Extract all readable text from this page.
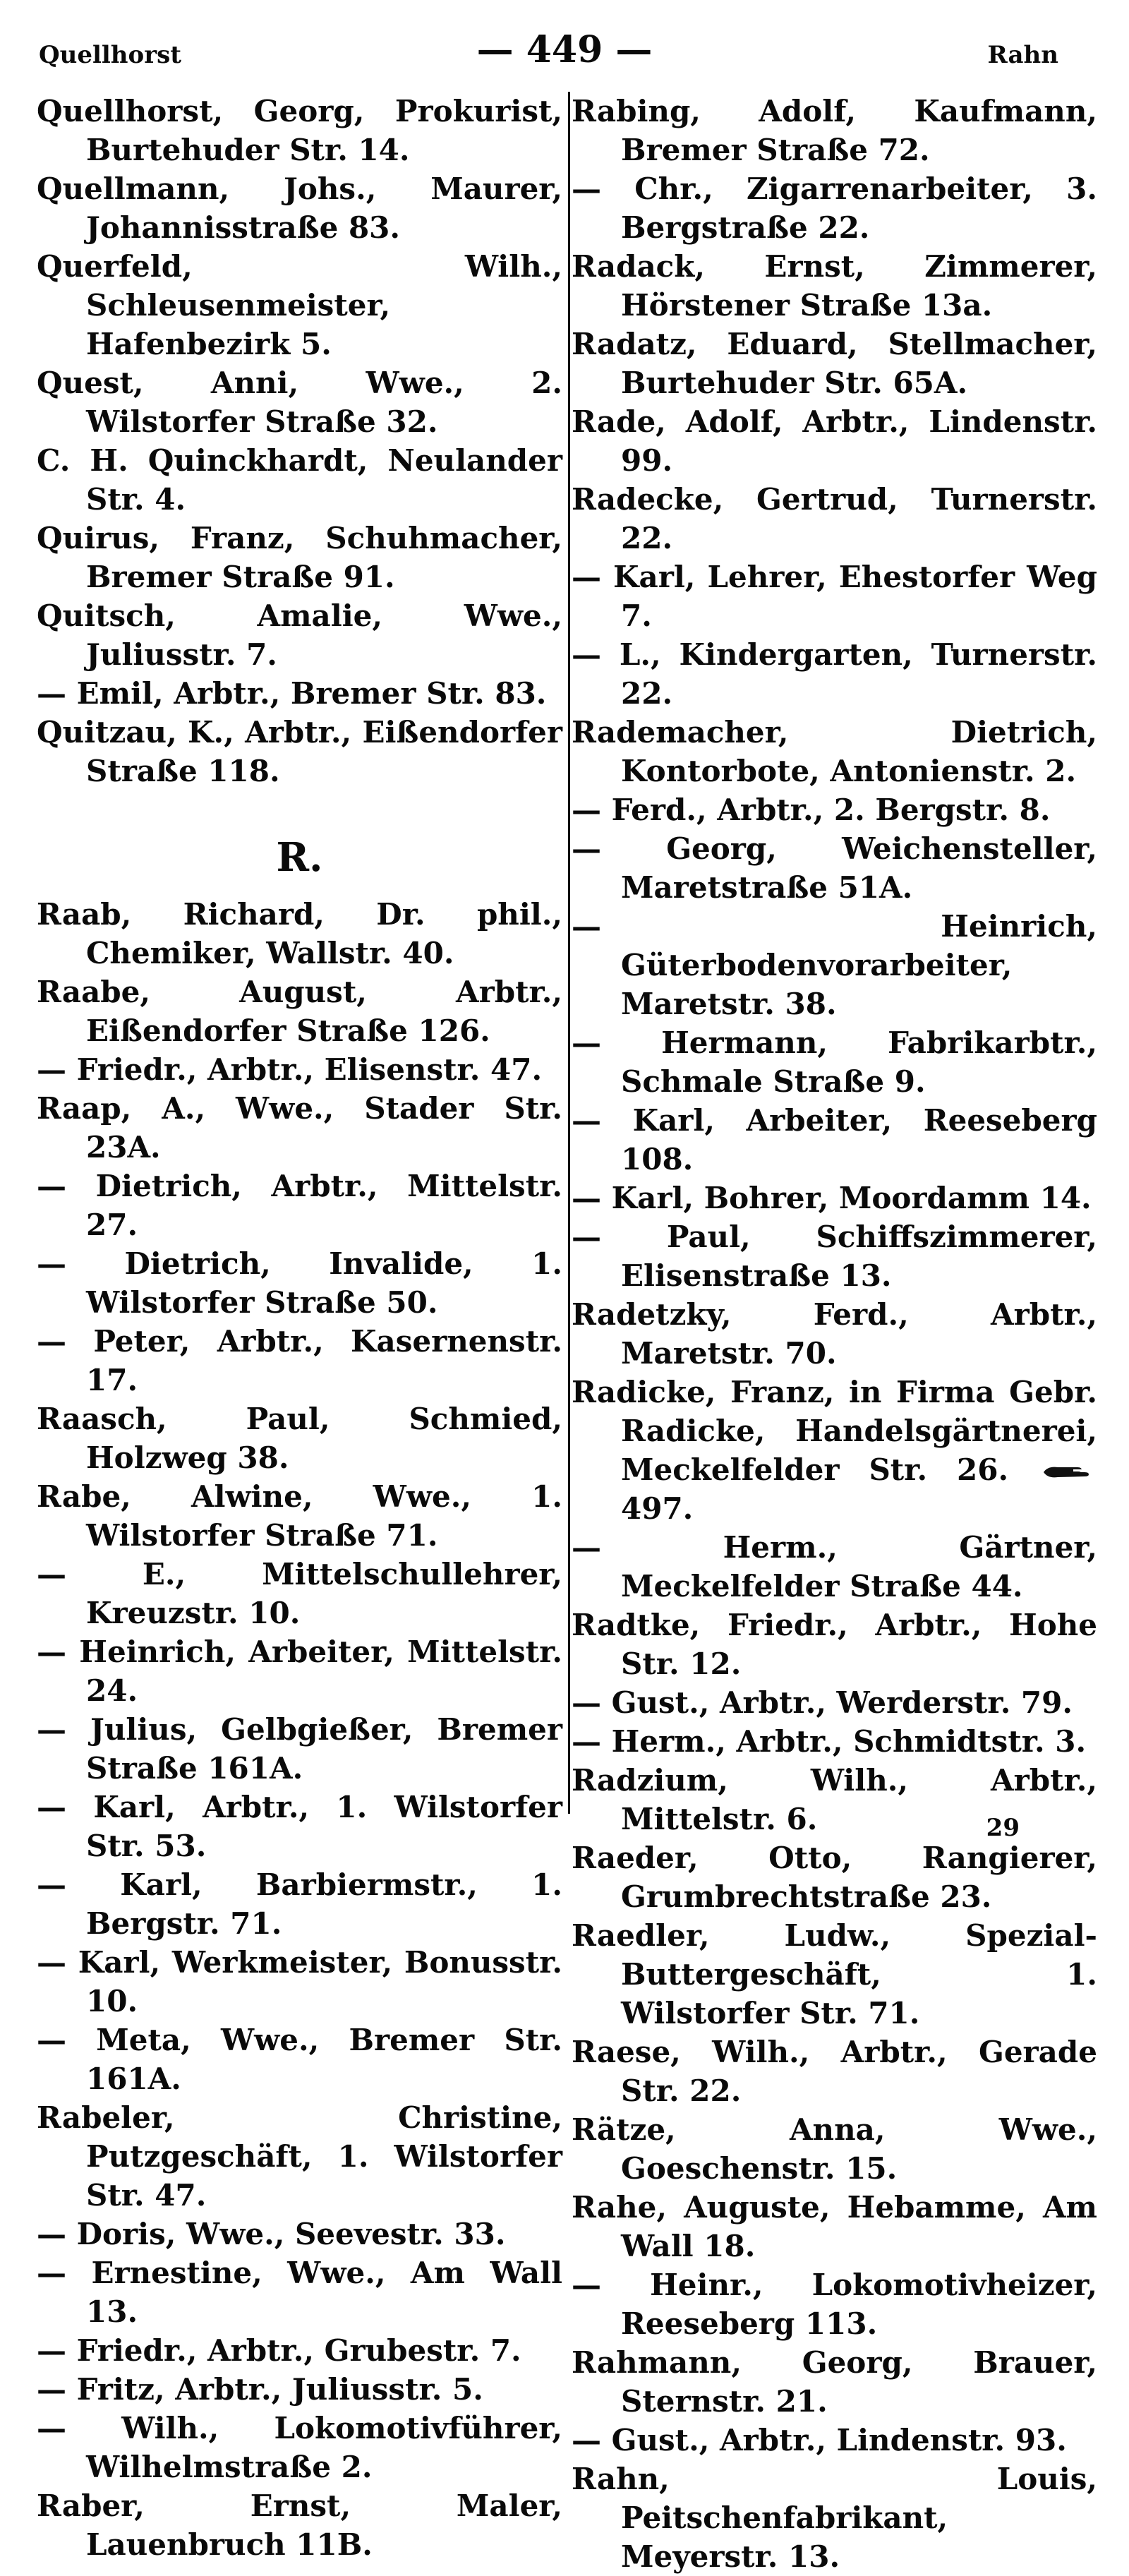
Quellhorst	— 449 —	Rahn
Quellhorst, Georg, Prokurist, Burtehuder Str. 14.
Quellmann, Johs., Maurer, Johannisstraße 83.
Querfeld, Wilh., Schleusenmeister, Hafenbezirk 5.
Quest, Anni, Wwe., 2. Wilstorfer Straße 32.
C. H. Quinckhardt, Neulander Str. 4.
Quirus, Franz, Schuhmacher, Bremer Straße 91.
Quitsch, Amalie, Wwe., Juliusstr. 7.
— Emil, Arbtr., Bremer Str. 83.
Quitzau, K., Arbtr., Eißendorfer Straße 118.
R.
Raab, Richard, Dr. phil., Chemiker, Wallstr. 40.
Raabe, August, Arbtr., Eißendorfer Straße 126.
— Friedr., Arbtr., Elisenstr. 47.
Raap, A., Wwe., Stader Str. 23A.
— Dietrich, Arbtr., Mittelstr. 27.
— Dietrich, Invalide, 1. Wilstorfer Straße 50.
— Peter, Arbtr., Kasernenstr. 17.
Raasch, Paul, Schmied, Holzweg 38.
Rabe, Alwine, Wwe., 1. Wilstorfer Straße 71.
— E., Mittelschullehrer, Kreuzstr. 10.
— Heinrich, Arbeiter, Mittelstr. 24.
— Julius, Gelbgießer, Bremer Straße 161A.
— Karl, Arbtr., 1. Wilstorfer Str. 53.
— Karl, Barbiermstr., 1. Bergstr. 71.
— Karl, Werkmeister, Bonusstr. 10.
— Meta, Wwe., Bremer Str. 161A.
Rabeler, Christine, Putzgeschäft, 1. Wilstorfer Str. 47.
— Doris, Wwe., Seevestr. 33.
— Ernestine, Wwe., Am Wall 13.
— Friedr., Arbtr., Grubestr. 7.
— Fritz, Arbtr., Juliusstr. 5.
— Wilh., Lokomotivführer, Wilhelmstraße 2.
Raber, Ernst, Maler, Lauenbruch 11B.
Rabing, Adolf, Kaufmann, Bremer Straße 72.
— Chr., Zigarrenarbeiter, 3. Bergstraße 22.
Radack, Ernst, Zimmerer, Hörstener Straße 13a.
Radatz, Eduard, Stellmacher, Burtehuder Str. 65A.
Rade, Adolf, Arbtr., Lindenstr. 99.
Radecke, Gertrud, Turnerstr. 22.
— Karl, Lehrer, Ehestorfer Weg 7.
— L., Kindergarten, Turnerstr. 22.
Rademacher, Dietrich, Kontorbote, Antonienstr. 2.
— Ferd., Arbtr., 2. Bergstr. 8.
— Georg, Weichensteller, Maretstraße 51A.
— Heinrich, Güterbodenvorarbeiter, Maretstr. 38.
— Hermann, Fabrikarbtr., Schmale Straße 9.
— Karl, Arbeiter, Reeseberg 108.
— Karl, Bohrer, Moordamm 14.
— Paul, Schiffszimmerer, Elisenstraße 13.
Radetzky, Ferd., Arbtr., Maretstr. 70.
Radicke, Franz, in Firma Gebr. Radicke, Handelsgärtnerei, Meckelfelder Str. 26.  497.
— Herm., Gärtner, Meckelfelder Straße 44.
Radtke, Friedr., Arbtr., Hohe Str. 12.
— Gust., Arbtr., Werderstr. 79.
— Herm., Arbtr., Schmidtstr. 3.
Radzium, Wilh., Arbtr., Mittelstr. 6.
Raeder, Otto, Rangierer, Grumbrechtstraße 23.
Raedler, Ludw., Spezial-Buttergeschäft, 1. Wilstorfer Str. 71.
Raese, Wilh., Arbtr., Gerade Str. 22.
Rätze, Anna, Wwe., Goeschenstr. 15.
Rahe, Auguste, Hebamme, Am Wall 18.
— Heinr., Lokomotivheizer, Reeseberg 113.
Rahmann, Georg, Brauer, Sternstr. 21.
— Gust., Arbtr., Lindenstr. 93.
Rahn, Louis, Peitschenfabrikant, Meyerstr. 13.
29
